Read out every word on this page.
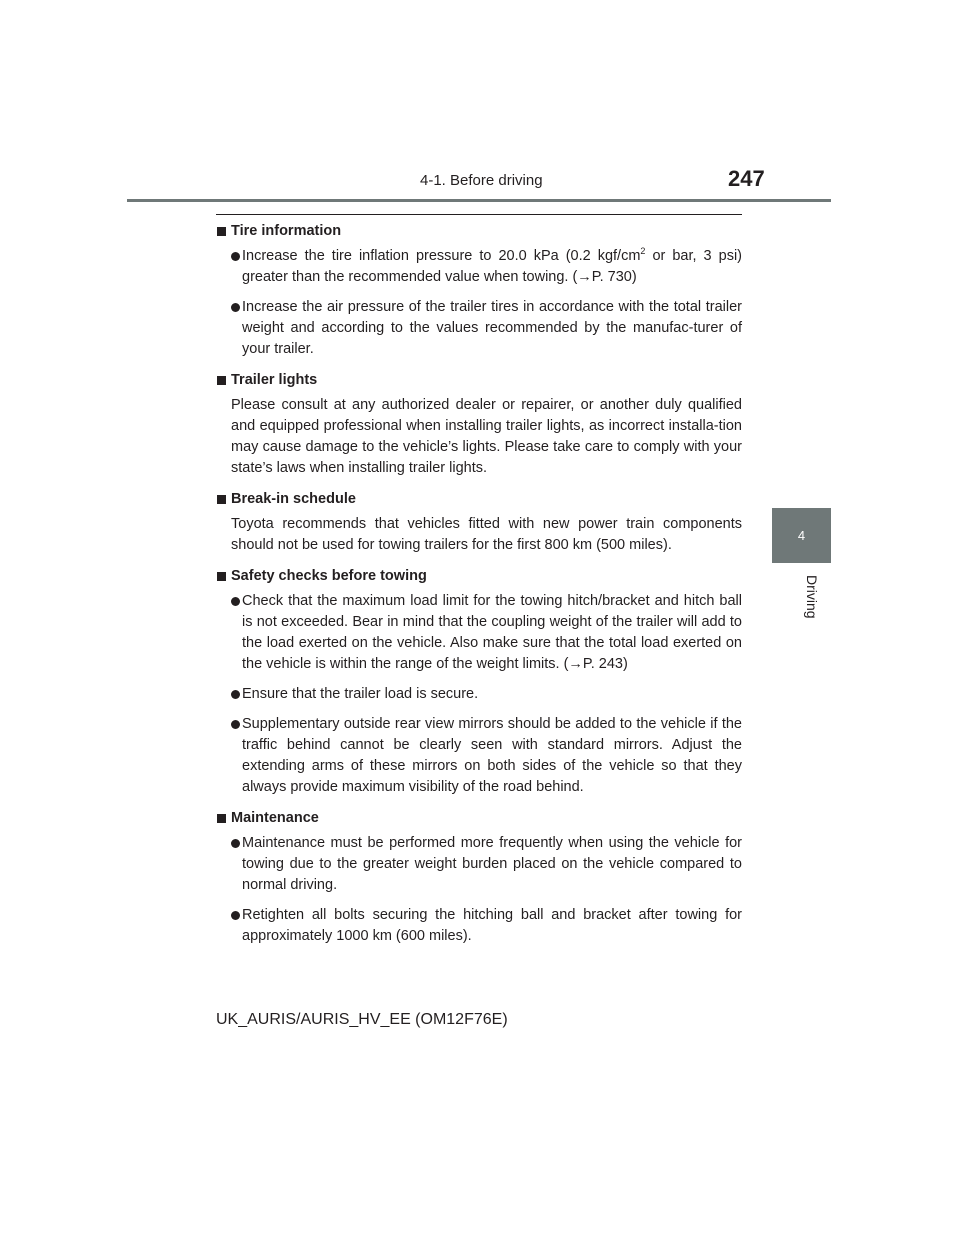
4-1. Before driving	247
4
Driving
Tire information
Increase the tire inflation pressure to 20.0 kPa (0.2 kgf/$cm^2$ or bar, 3 psi) greater than the recommended value when towing. (→P. 730)
Increase the air pressure of the trailer tires in accordance with the total trailer weight and according to the values recommended by the manufac-turer of your trailer.
Trailer lights
Please consult at any authorized dealer or repairer, or another duly qualified and equipped professional when installing trailer lights, as incorrect installa-tion may cause damage to the vehicle’s lights. Please take care to comply with your state’s laws when installing trailer lights.
Break-in schedule
Toyota recommends that vehicles fitted with new power train components should not be used for towing trailers for the first 800 km (500 miles).
Safety checks before towing
Check that the maximum load limit for the towing hitch/bracket and hitch ball is not exceeded. Bear in mind that the coupling weight of the trailer will add to the load exerted on the vehicle. Also make sure that the total load exerted on the vehicle is within the range of the weight limits. (→P. 243)
Ensure that the trailer load is secure.
Supplementary outside rear view mirrors should be added to the vehicle if the traffic behind cannot be clearly seen with standard mirrors. Adjust the extending arms of these mirrors on both sides of the vehicle so that they always provide maximum visibility of the road behind.
Maintenance
Maintenance must be performed more frequently when using the vehicle for towing due to the greater weight burden placed on the vehicle compared to normal driving.
Retighten all bolts securing the hitching ball and bracket after towing for approximately 1000 km (600 miles).
UK_AURIS/AURIS_HV_EE (OM12F76E)
